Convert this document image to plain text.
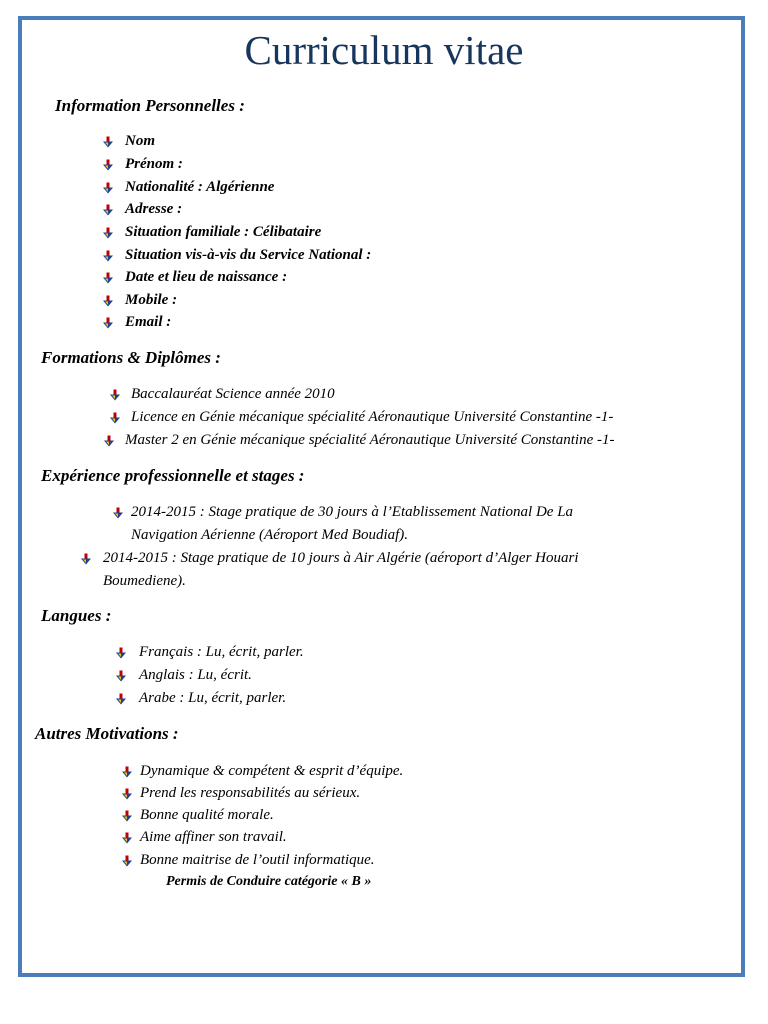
Curriculum vitae
Information Personnelles :
Nom
Prénom :
Nationalité : Algérienne
Adresse :
Situation familiale : Célibataire
Situation vis-à-vis du Service National :
Date et lieu de naissance :
Mobile :
Email :
Formations & Diplômes :
Baccalauréat Science année 2010
Licence en Génie mécanique spécialité Aéronautique Université Constantine -1-
Master 2 en Génie mécanique spécialité Aéronautique Université Constantine -1-
Expérience professionnelle et stages :
2014-2015 : Stage pratique de 30 jours à l’Etablissement National De La
Navigation Aérienne (Aéroport Med Boudiaf).
2014-2015 : Stage pratique de 10 jours à Air Algérie (aéroport d’Alger Houari
Boumediene).
Langues :
Français : Lu, écrit, parler.
Anglais : Lu, écrit.
Arabe : Lu, écrit, parler.
Autres Motivations :
Dynamique & compétent & esprit d’équipe.
Prend les responsabilités au sérieux.
Bonne qualité morale.
Aime affiner son travail.
Bonne maitrise de l’outil informatique.
Permis de Conduire catégorie « B »
